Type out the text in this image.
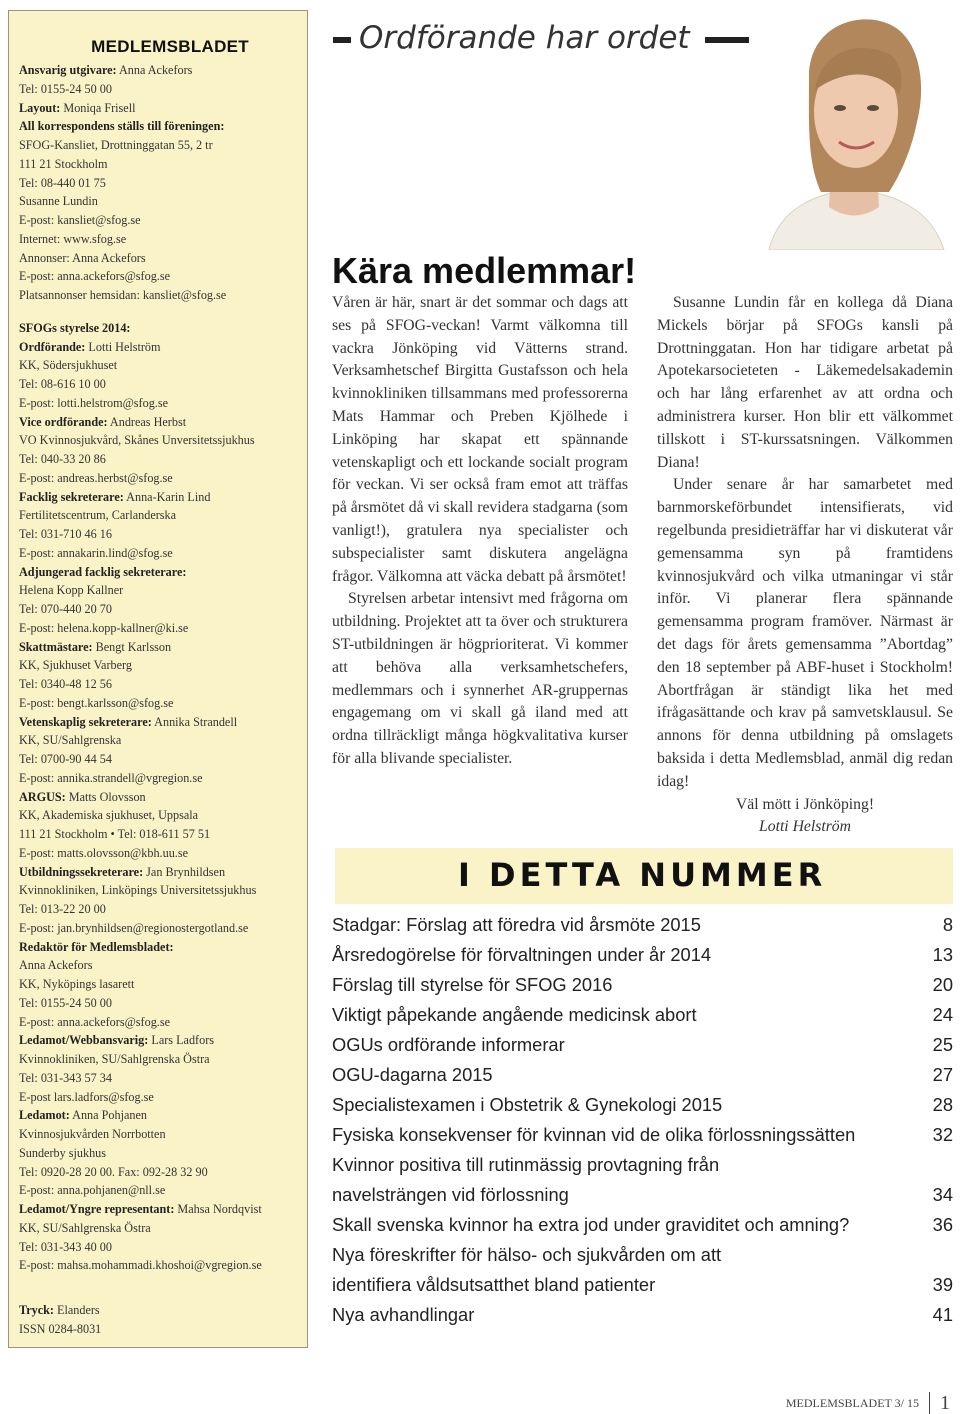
MEDLEMSBLADET
Ansvarig utgivare: Anna Ackefors
Tel: 0155-24 50 00
Layout: Moniqa Frisell
All korrespondens ställs till föreningen:
SFOG-Kansliet, Drottninggatan 55, 2 tr
111 21 Stockholm
Tel: 08-440 01 75
Susanne Lundin
E-post: kansliet@sfog.se
Internet: www.sfog.se
Annonser: Anna Ackefors
E-post: anna.ackefors@sfog.se
Platsannonser hemsidan: kansliet@sfog.se
SFOGs styrelse 2014:
Ordförande: Lotti Helström
KK, Södersjukhuset
Tel: 08-616 10 00
E-post: lotti.helstrom@sfog.se
Vice ordförande: Andreas Herbst
VO Kvinnosjukvård, Skånes Unversitetssjukhus
Tel: 040-33 20 86
E-post: andreas.herbst@sfog.se
Facklig sekreterare: Anna-Karin Lind
Fertilitetscentrum, Carlanderska
Tel: 031-710 46 16
E-post: annakarin.lind@sfog.se
Adjungerad facklig sekreterare:
Helena Kopp Kallner
Tel: 070-440 20 70
E-post: helena.kopp-kallner@ki.se
Skattmästare: Bengt Karlsson
KK, Sjukhuset Varberg
Tel: 0340-48 12 56
E-post: bengt.karlsson@sfog.se
Vetenskaplig sekreterare: Annika Strandell
KK, SU/Sahlgrenska
Tel: 0700-90 44 54
E-post: annika.strandell@vgregion.se
ARGUS: Matts Olovsson
KK, Akademiska sjukhuset, Uppsala
111 21 Stockholm • Tel: 018-611 57 51
E-post: matts.olovsson@kbh.uu.se
Utbildningssekreterare: Jan Brynhildsen
Kvinnokliniken, Linköpings Universitetssjukhus
Tel: 013-22 20 00
E-post: jan.brynhildsen@regionostergotland.se
Redaktör för Medlemsbladet:
Anna Ackefors
KK, Nyköpings lasarett
Tel: 0155-24 50 00
E-post: anna.ackefors@sfog.se
Ledamot/Webbansvarig: Lars Ladfors
Kvinnokliniken, SU/Sahlgrenska Östra
Tel: 031-343 57 34
E-post lars.ladfors@sfog.se
Ledamot: Anna Pohjanen
Kvinnosjukvården Norrbotten
Sunderby sjukhus
Tel: 0920-28 20 00. Fax: 092-28 32 90
E-post: anna.pohjanen@nll.se
Ledamot/Yngre representant: Mahsa Nordqvist
KK, SU/Sahlgrenska Östra
Tel: 031-343 40 00
E-post: mahsa.mohammadi.khoshoi@vgregion.se
Tryck: Elanders
ISSN 0284-8031
Ordförande har ordet
Kära medlemmar!

Våren är här, snart är det sommar och dags att ses på SFOG-veckan! Varmt välkomna till vackra Jönköping vid Vätterns strand. Verksamhetschef Birgitta Gustafsson och hela kvinnokliniken tillsammans med professorerna Mats Hammar och Preben Kjölhede i Linköping har skapat ett spännande vetenskapligt och ett lockande socialt program för veckan. Vi ser också fram emot att träffas på årsmötet då vi skall revidera stadgarna (som vanligt!), gratulera nya specialister och subspecialister samt diskutera angelägna frågor. Välkomna att väcka debatt på årsmötet!

Styrelsen arbetar intensivt med frågorna om utbildning. Projektet att ta över och strukturera ST-utbildningen är högprioriterat. Vi kommer att behöva alla verksamhetschefers, medlemmars och i synnerhet AR-gruppernas engagemang om vi skall gå iland med att ordna tillräckligt många högkvalitativa kurser för alla blivande specialister.

Susanne Lundin får en kollega då Diana Mickels börjar på SFOGs kansli på Drottninggatan. Hon har tidigare arbetat på Apotekarsocieteten - Läkemedelsakademin och har lång erfarenhet av att ordna och administrera kurser. Hon blir ett välkommet tillskott i ST-kurssatsningen. Välkommen Diana!

Under senare år har samarbetet med barnmorskeförbundet intensifierats, vid regelbunda presidieträffar har vi diskuterat vår gemensamma syn på framtidens kvinnosjukvård och vilka utmaningar vi står inför. Vi planerar flera spännande gemensamma program framöver. Närmast är det dags för årets gemensamma ”Abortdag” den 18 september på ABF-huset i Stockholm! Abortfrågan är ständigt lika het med ifrågasättande och krav på samvetsklausul. Se annons för denna utbildning på omslagets baksida i detta Medlemsblad, anmäl dig redan idag!

Väl mött i Jönköping!

Lotti Helström

I DETTA NUMMER
Stadgar: Förslag att föredra vid årsmöte 2015	8
Årsredogörelse för förvaltningen under år 2014	13
Förslag till styrelse för SFOG 2016	20
Viktigt påpekande angående medicinsk abort	24
OGUs ordförande informerar	25
OGU-dagarna 2015	27
Specialistexamen i Obstetrik & Gynekologi 2015	28
Fysiska konsekvenser för kvinnan vid de olika förlossningssätten	32
Kvinnor positiva till rutinmässig provtagning från navelsträngen vid förlossning	34
Skall svenska kvinnor ha extra jod under graviditet och amning?	36
Nya föreskrifter för hälso- och sjukvården om att identifiera våldsutsatthet bland patienter	39
Nya avhandlingar	41
MEDLEMSBLADET 3/ 15	1
